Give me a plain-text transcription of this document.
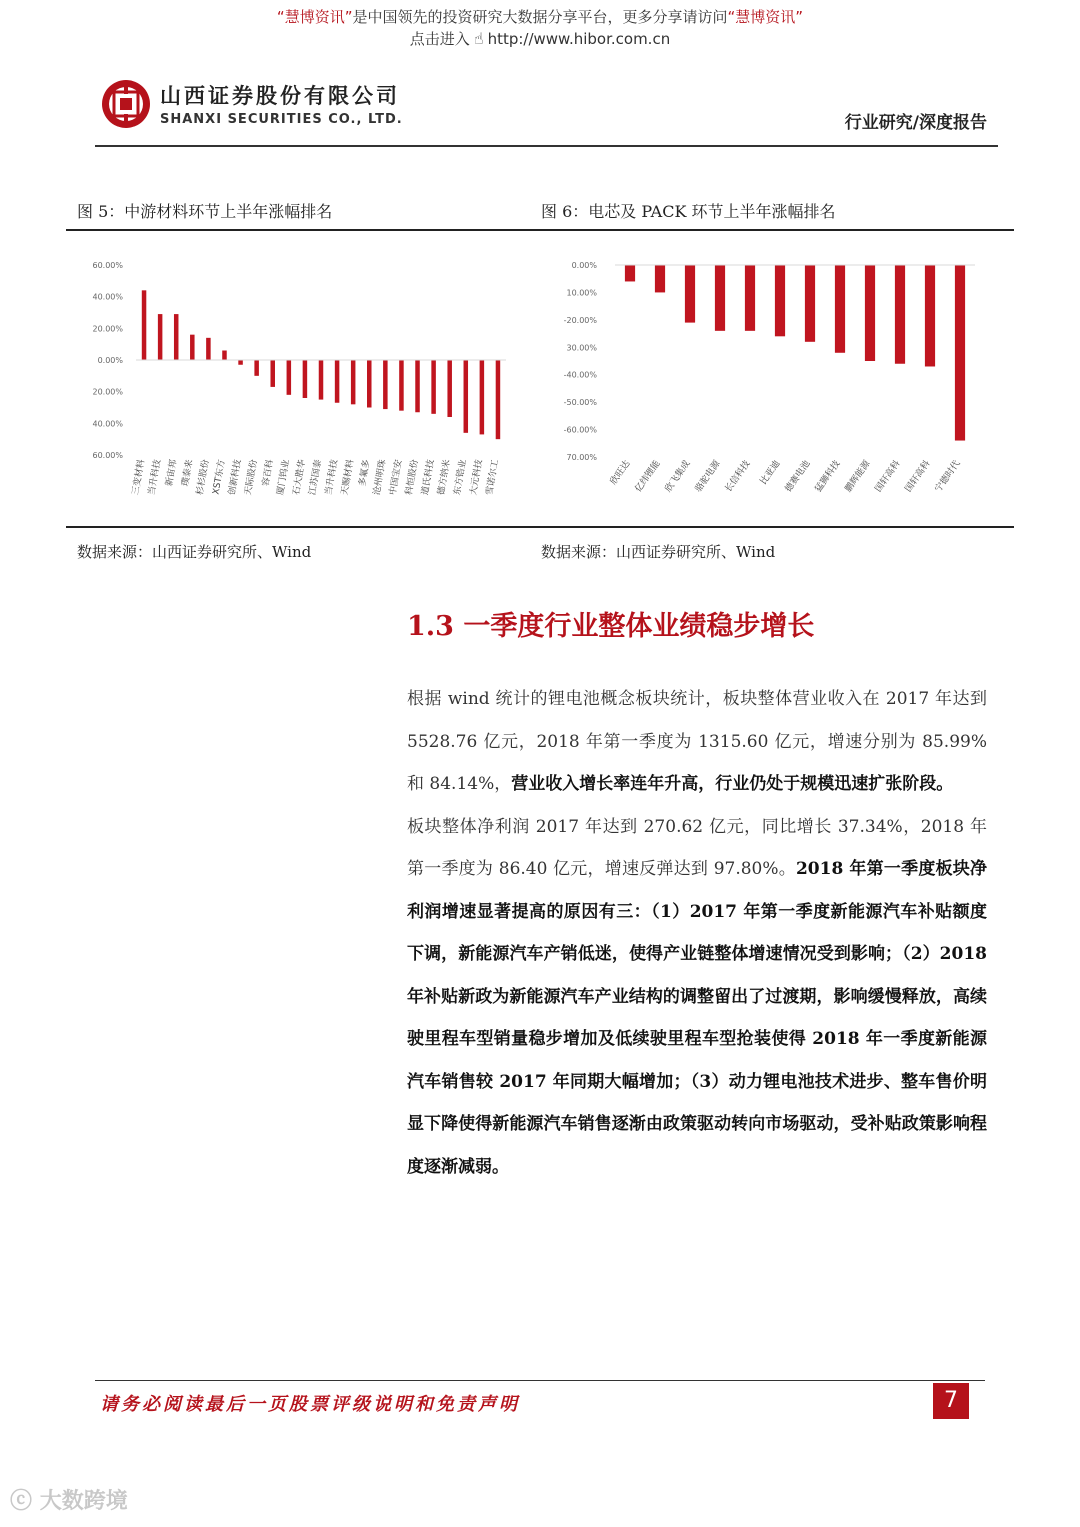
“慧博资讯”是中国领先的投资研究大数据分享平台，更多分享请访问“慧博资讯”
点击进入 ☝ http://www.hibor.com.cn
山西证券股份有限公司
SHANXI SECURITIES CO., LTD.	行业研究/深度报告
图 5：中游材料环节上半年涨幅排名	图 6：电芯及 PACK 环节上半年涨幅排名
60.00%
40.00%
20.00%
0.00%
20.00%
40.00%
60.00%
三变材料 当升科技 新宙邦 璞泰来 杉杉股份 XST东方 创新科技 天际股份 容百科 厦门钨业 石大胜华 江苏国泰 当升科技 天赐材料 多氟多 沧州明珠 中国宝安 科恒股份 道氏科技 德方纳米 东方锆业 大元科技 雪诺尔工
0.00%
10.00%
-20.00%
30.00%
-40.00%
-50.00%
-60.00%
70.00%
欣旺达 亿纬锂能 欣飞集成 骆驼电源 长信科技 比亚迪 德赛电池 猛狮科技 鹏辉能源 国轩高科 国轩高科 宁德时代
数据来源：山西证券研究所、Wind	数据来源：山西证券研究所、Wind
1.3 一季度行业整体业绩稳步增长
根据 wind 统计的锂电池概念板块统计，板块整体营业收入在 2017 年达到 5528.76 亿元，2018 年第一季度为 1315.60 亿元，增速分别为 85.99%和 84.14%，营业收入增长率连年升高，行业仍处于规模迅速扩张阶段。
板块整体净利润 2017 年达到 270.62 亿元，同比增长 37.34%，2018 年第一季度为 86.40 亿元，增速反弹达到 97.80%。2018 年第一季度板块净利润增速显著提高的原因有三：（1）2017 年第一季度新能源汽车补贴额度下调，新能源汽车产销低迷，使得产业链整体增速情况受到影响；（2）2018 年补贴新政为新能源汽车产业结构的调整留出了过渡期，影响缓慢释放，高续驶里程车型销量稳步增加及低续驶里程车型抢装使得 2018 年一季度新能源汽车销售较 2017 年同期大幅增加；（3）动力锂电池技术进步、整车售价明显下降使得新能源汽车销售逐渐由政策驱动转向市场驱动，受补贴政策影响程度逐渐减弱。
请务必阅读最后一页股票评级说明和免责声明	7
ⓒ 大数跨境
